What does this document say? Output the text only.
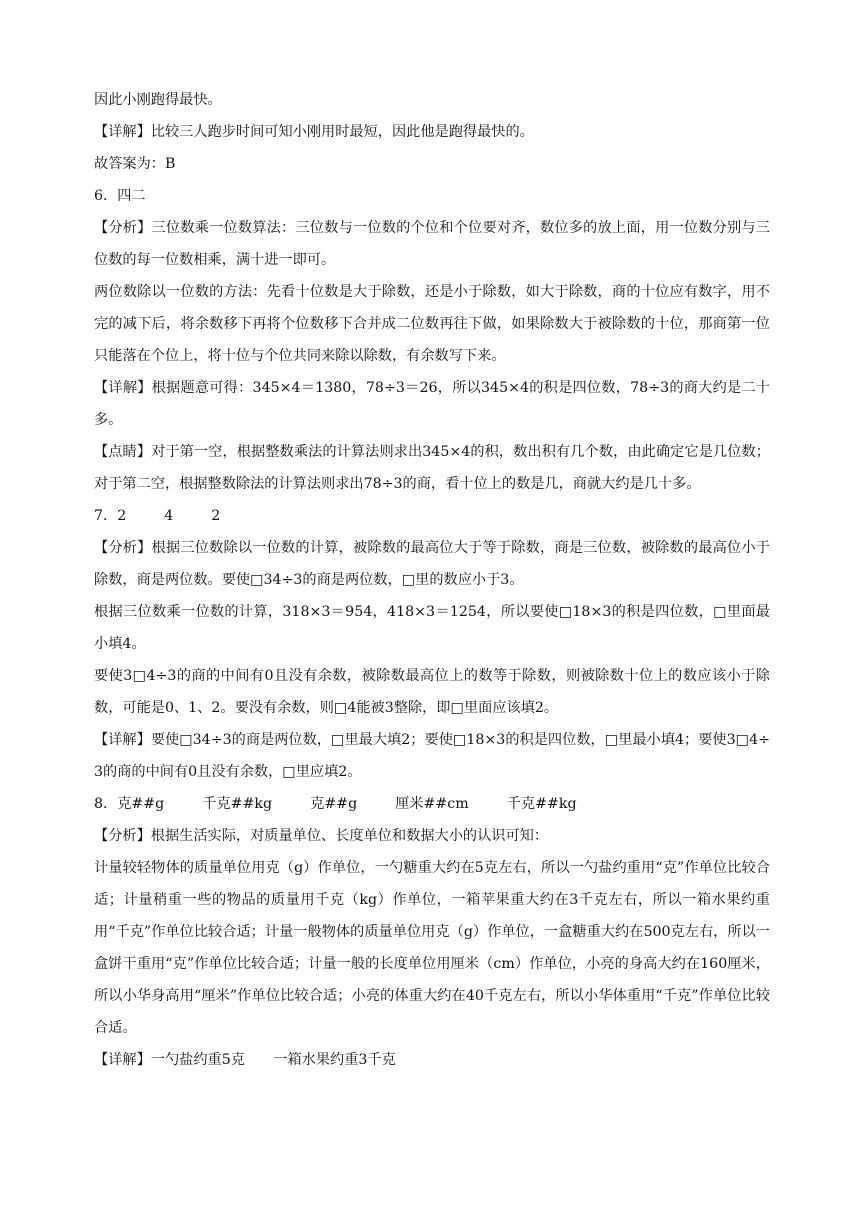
因此小刚跑得最快。

【详解】比较三人跑步时间可知小刚用时最短，因此他是跑得最快的。

故答案为：B

6．四二

【分析】三位数乘一位数算法：三位数与一位数的个位和个位要对齐，数位多的放上面，用一位数分别与三位数的每一位数相乘，满十进一即可。

两位数除以一位数的方法：先看十位数是大于除数，还是小于除数，如大于除数，商的十位应有数字，用不完的减下后，将余数移下再将个位数移下合并成二位数再往下做，如果除数大于被除数的十位，那商第一位只能落在个位上，将十位与个位共同来除以除数，有余数写下来。

【详解】根据题意可得：345×4＝1380，78÷3＝26，所以345×4的积是四位数，78÷3的商大约是二十多。

【点睛】对于第一空，根据整数乘法的计算法则求出345×4的积，数出积有几个数，由此确定它是几位数；对于第二空，根据整数除法的计算法则求出78÷3的商，看十位上的数是几，商就大约是几十多。

7．2	4	2

【分析】根据三位数除以一位数的计算，被除数的最高位大于等于除数，商是三位数，被除数的最高位小于除数，商是两位数。要使□34÷3的商是两位数，□里的数应小于3。

根据三位数乘一位数的计算，318×3＝954，418×3＝1254，所以要使□18×3的积是四位数，□里面最小填4。

要使3□4÷3的商的中间有0且没有余数，被除数最高位上的数等于除数，则被除数十位上的数应该小于除数，可能是0、1、2。要没有余数，则□4能被3整除，即□里面应该填2。

【详解】要使□34÷3的商是两位数，□里最大填2；要使□18×3的积是四位数，□里最小填4；要使3□4÷3的商的中间有0且没有余数，□里应填2。

8．克##g	千克##kg	克##g	厘米##cm	千克##kg

【分析】根据生活实际，对质量单位、长度单位和数据大小的认识可知：

计量较轻物体的质量单位用克（g）作单位，一勺糖重大约在5克左右，所以一勺盐约重用“克”作单位比较合适；计量稍重一些的物品的质量用千克（kg）作单位，一箱苹果重大约在3千克左右，所以一箱水果约重用“千克”作单位比较合适；计量一般物体的质量单位用克（g）作单位，一盒糖重大约在500克左右，所以一盒饼干重用“克”作单位比较合适；计量一般的长度单位用厘米（cm）作单位，小亮的身高大约在160厘米，所以小华身高用“厘米”作单位比较合适；小亮的体重大约在40千克左右，所以小华体重用“千克”作单位比较合适。

【详解】一勺盐约重5克　　一箱水果约重3千克
